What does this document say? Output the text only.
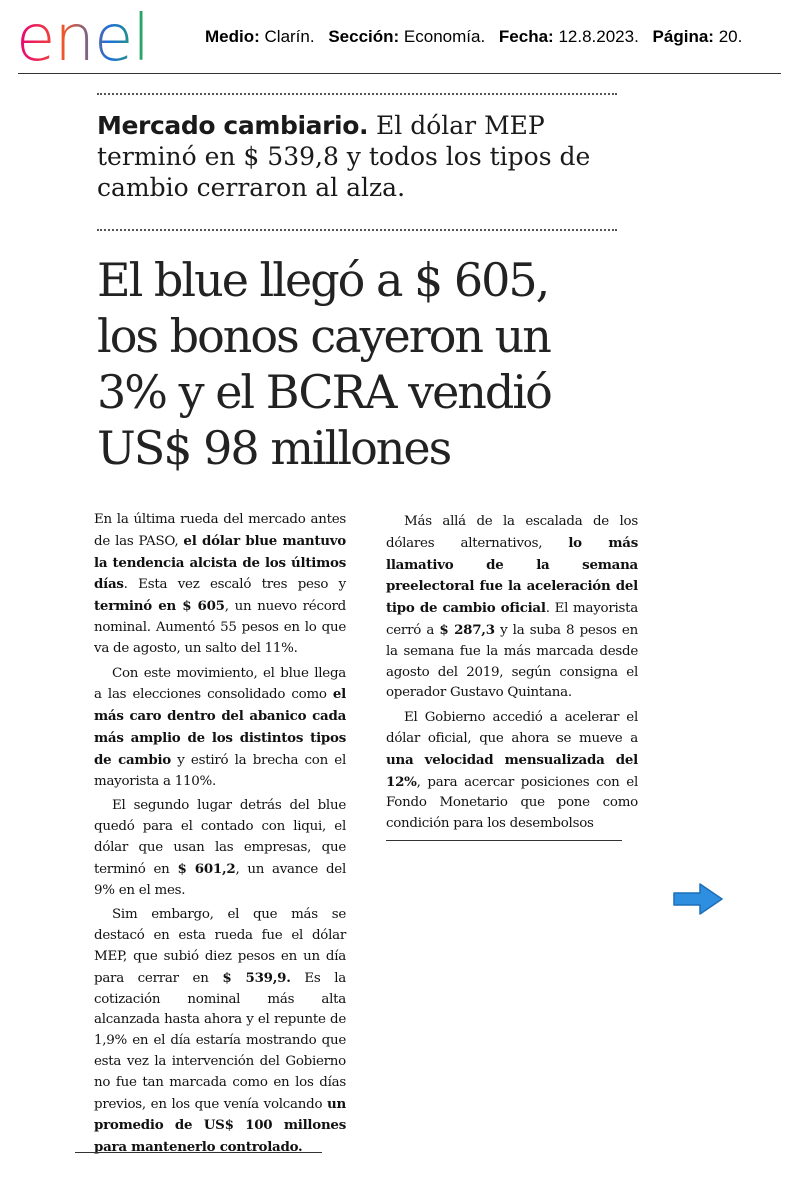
enel	Medio: Clarín. Sección: Economía. Fecha: 12.8.2023. Página: 20.
Mercado cambiario. El dólar MEP terminó en $ 539,8 y todos los tipos de cambio cerraron al alza.
El blue llegó a $ 605,
los bonos cayeron un
3% y el BCRA vendió
US$ 98 millones

En la última rueda del mercado antes de las PASO, el dólar blue mantuvo la tendencia alcista de los últimos días. Esta vez escaló tres peso y terminó en $ 605, un nuevo récord nominal. Aumentó 55 pesos en lo que va de agosto, un salto del 11%.

Con este movimiento, el blue llega a las elecciones consolidado como el más caro dentro del abanico cada más amplio de los distintos tipos de cambio y estiró la brecha con el mayorista a 110%.

El segundo lugar detrás del blue quedó para el contado con liqui, el dólar que usan las empresas, que terminó en $ 601,2, un avance del 9% en el mes.

Sim embargo, el que más se destacó en esta rueda fue el dólar MEP, que subió diez pesos en un día para cerrar en $ 539,9. Es la cotización nominal más alta alcanzada hasta ahora y el repunte de 1,9% en el día estaría mostrando que esta vez la intervención del Gobierno no fue tan marcada como en los días previos, en los que venía volcando un promedio de US$ 100 millones para mantenerlo controlado.

Más allá de la escalada de los dólares alternativos, lo más llamativo de la semana preelectoral fue la aceleración del tipo de cambio oficial. El mayorista cerró a $ 287,3 y la suba 8 pesos en la semana fue la más marcada desde agosto del 2019, según consigna el operador Gustavo Quintana.

El Gobierno accedió a acelerar el dólar oficial, que ahora se mueve a una velocidad mensualizada del 12%, para acercar posiciones con el Fondo Monetario que pone como condición para los desembolsos
